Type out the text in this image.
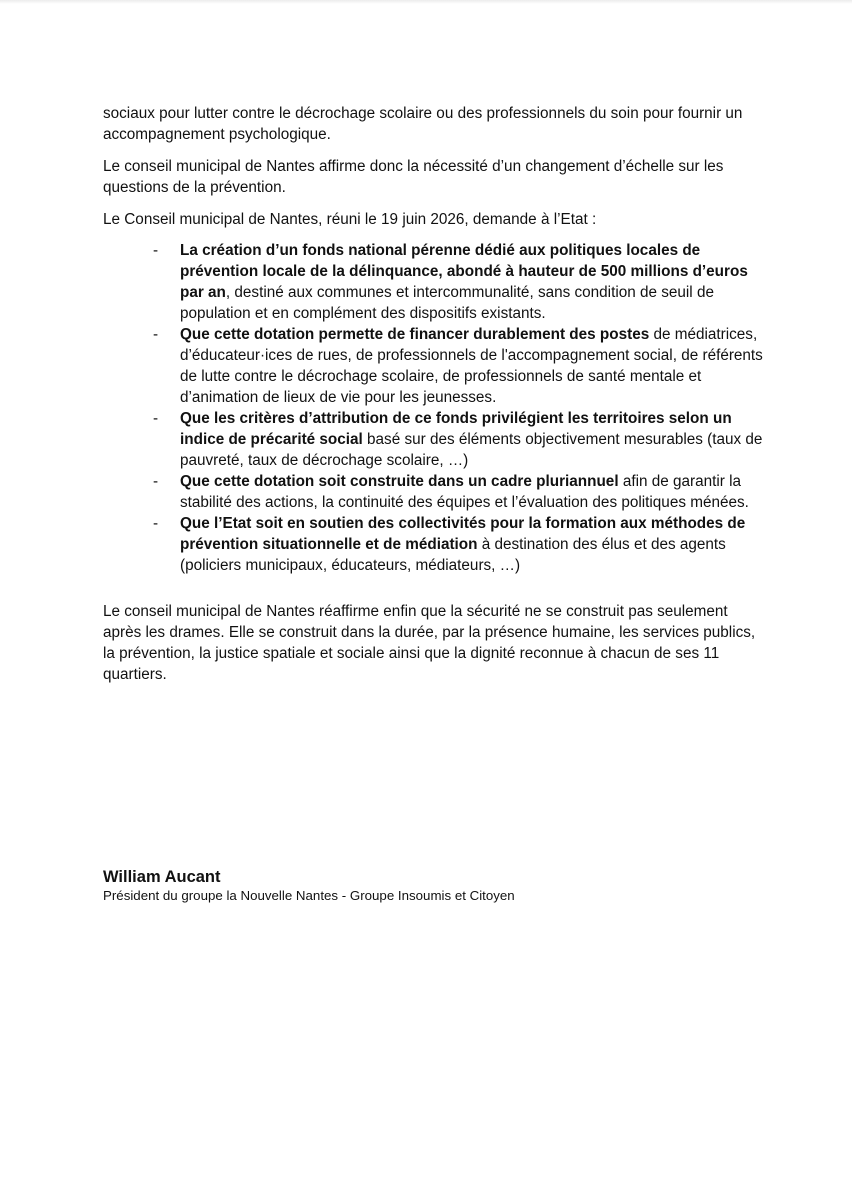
sociaux pour lutter contre le décrochage scolaire ou des professionnels du soin pour fournir un accompagnement psychologique.

Le conseil municipal de Nantes affirme donc la nécessité d’un changement d’échelle sur les questions de la prévention.

Le Conseil municipal de Nantes, réuni le 19 juin 2026, demande à l’Etat :

- La création d’un fonds national pérenne dédié aux politiques locales de prévention locale de la délinquance, abondé à hauteur de 500 millions d’euros par an, destiné aux communes et intercommunalité, sans condition de seuil de population et en complément des dispositifs existants.
- Que cette dotation permette de financer durablement des postes de médiatrices, d’éducateur·ices de rues, de professionnels de l'accompagnement social, de référents de lutte contre le décrochage scolaire, de professionnels de santé mentale et d’animation de lieux de vie pour les jeunesses.
- Que les critères d’attribution de ce fonds privilégient les territoires selon un indice de précarité social basé sur des éléments objectivement mesurables (taux de pauvreté, taux de décrochage scolaire, …)
- Que cette dotation soit construite dans un cadre pluriannuel afin de garantir la stabilité des actions, la continuité des équipes et l’évaluation des politiques ménées.
- Que l’Etat soit en soutien des collectivités pour la formation aux méthodes de prévention situationnelle et de médiation à destination des élus et des agents (policiers municipaux, éducateurs, médiateurs, …)

Le conseil municipal de Nantes réaffirme enfin que la sécurité ne se construit pas seulement après les drames. Elle se construit dans la durée, par la présence humaine, les services publics, la prévention, la justice spatiale et sociale ainsi que la dignité reconnue à chacun de ses 11 quartiers.

William Aucant
Président du groupe la Nouvelle Nantes - Groupe Insoumis et Citoyen
